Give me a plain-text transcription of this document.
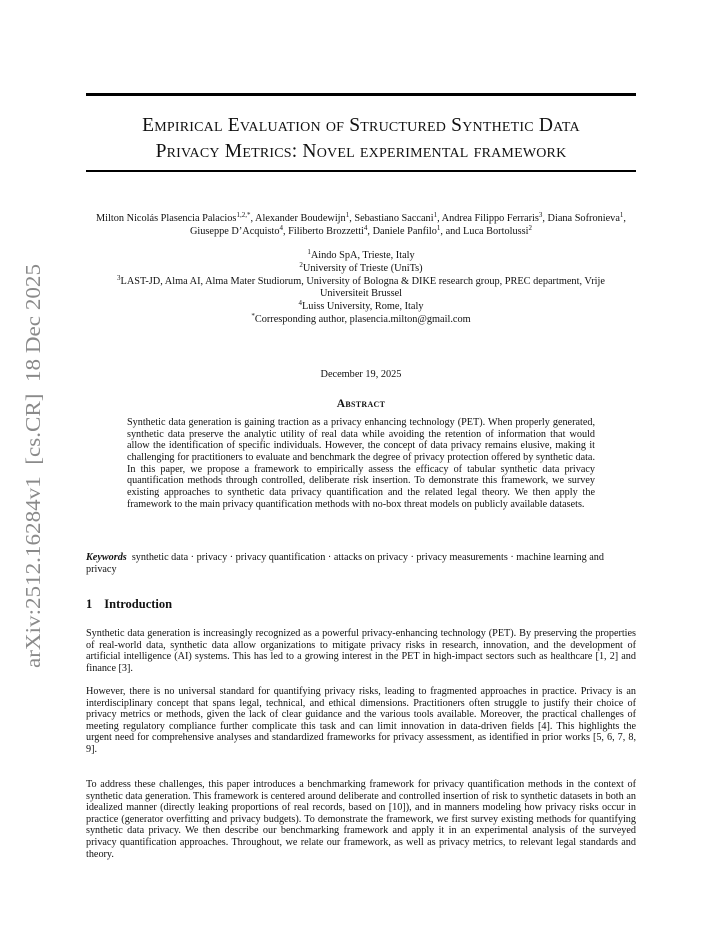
arXiv:2512.16284v1  [cs.CR]  18 Dec 2025
Empirical Evaluation of Structured Synthetic Data
Privacy Metrics: Novel experimental framework
Milton Nicolás Plasencia Palacios$^{1,2,*}$, Alexander Boudewijn$^1$, Sebastiano Saccani$^1$, Andrea Filippo Ferraris$^3$, Diana Sofronieva$^1$, Giuseppe D’Acquisto$^4$, Filiberto Brozzetti$^4$, Daniele Panfilo$^1$, and Luca Bortolussi$^2$
$^1$Aindo SpA, Trieste, Italy
$^2$University of Trieste (UniTs)
$^3$LAST-JD, Alma AI, Alma Mater Studiorum, University of Bologna & DIKE research group, PREC department, Vrije
Universiteit Brussel
$^4$Luiss University, Rome, Italy
*Corresponding author, plasencia.milton@gmail.com
December 19, 2025
Abstract
Synthetic data generation is gaining traction as a privacy enhancing technology (PET). When properly generated, synthetic data preserve the analytic utility of real data while avoiding the retention of information that would allow the identification of specific individuals. However, the concept of data privacy remains elusive, making it challenging for practitioners to evaluate and benchmark the degree of privacy protection offered by synthetic data. In this paper, we propose a framework to empirically assess the efficacy of tabular synthetic data privacy quantification methods through controlled, deliberate risk insertion. To demonstrate this framework, we survey existing approaches to synthetic data privacy quantification and the related legal theory. We then apply the framework to the main privacy quantification methods with no-box threat models on publicly available datasets.
Keywords synthetic data · privacy · privacy quantification · attacks on privacy · privacy measurements · machine learning and privacy
1 Introduction
Synthetic data generation is increasingly recognized as a powerful privacy-enhancing technology (PET). By preserving the properties of real-world data, synthetic data allow organizations to mitigate privacy risks in research, innovation, and the development of artificial intelligence (AI) systems. This has led to a growing interest in the PET in high-impact sectors such as healthcare [1, 2] and finance [3].
However, there is no universal standard for quantifying privacy risks, leading to fragmented approaches in practice. Privacy is an interdisciplinary concept that spans legal, technical, and ethical dimensions. Practitioners often struggle to justify their choice of privacy metrics or methods, given the lack of clear guidance and the various tools available. Moreover, the practical challenges of meeting regulatory compliance further complicate this task and can limit innovation in data-driven fields [4]. This highlights the urgent need for comprehensive analyses and standardized frameworks for privacy assessment, as identified in prior works [5, 6, 7, 8, 9].
To address these challenges, this paper introduces a benchmarking framework for privacy quantification methods in the context of synthetic data generation. This framework is centered around deliberate and controlled insertion of risk to synthetic datasets in both an idealized manner (directly leaking proportions of real records, based on [10]), and in manners modeling how privacy risks occur in practice (generator overfitting and privacy budgets). To demonstrate the framework, we first survey existing methods for quantifying synthetic data privacy. We then describe our benchmarking framework and apply it in an experimental analysis of the surveyed privacy quantification approaches. Throughout, we relate our framework, as well as privacy metrics, to relevant legal standards and theory.
